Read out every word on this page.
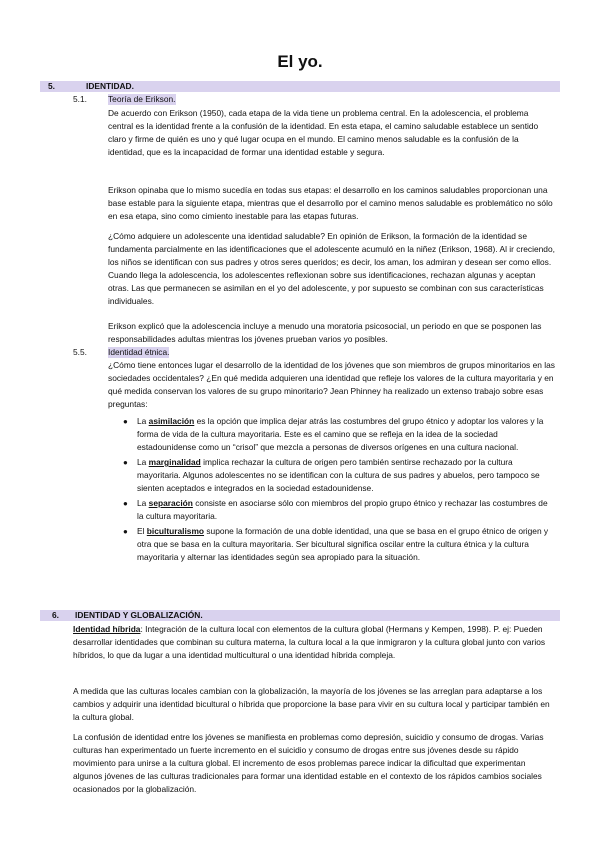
El yo.
5.	IDENTIDAD.
5.1.	Teoría de Erikson.

De acuerdo con Erikson (1950), cada etapa de la vida tiene un problema central. En la adolescencia, el problema central es la identidad frente a la confusión de la identidad. En esta etapa, el camino saludable establece un sentido claro y firme de quién es uno y qué lugar ocupa en el mundo. El camino menos saludable es la confusión de la identidad, que es la incapacidad de formar una identidad estable y segura.

Erikson opinaba que lo mismo sucedía en todas sus etapas: el desarrollo en los caminos saludables proporcionan una base estable para la siguiente etapa, mientras que el desarrollo por el camino menos saludable es problemático no sólo en esa etapa, sino como cimiento inestable para las etapas futuras.

¿Cómo adquiere un adolescente una identidad saludable? En opinión de Erikson, la formación de la identidad se fundamenta parcialmente en las identificaciones que el adolescente acumuló en la niñez (Erikson, 1968). Al ir creciendo, los niños se identifican con sus padres y otros seres queridos; es decir, los aman, los admiran y desean ser como ellos. Cuando llega la adolescencia, los adolescentes reflexionan sobre sus identificaciones, rechazan algunas y aceptan otras. Las que permanecen se asimilan en el yo del adolescente, y por supuesto se combinan con sus características individuales.

Erikson explicó que la adolescencia incluye a menudo una moratoria psicosocial, un periodo en que se posponen las responsabilidades adultas mientras los jóvenes prueban varios yo posibles.

5.5.	Identidad étnica.

¿Cómo tiene entonces lugar el desarrollo de la identidad de los jóvenes que son miembros de grupos minoritarios en las sociedades occidentales? ¿En qué medida adquieren una identidad que refleje los valores de la cultura mayoritaria y en qué medida conservan los valores de su grupo minoritario? Jean Phinney ha realizado un extenso trabajo sobre esas preguntas:

● La asimilación es la opción que implica dejar atrás las costumbres del grupo étnico y adoptar los valores y la forma de vida de la cultura mayoritaria. Este es el camino que se refleja en la idea de la sociedad estadounidense como un “crisol” que mezcla a personas de diversos orígenes en una cultura nacional.
● La marginalidad implica rechazar la cultura de origen pero también sentirse rechazado por la cultura mayoritaria. Algunos adolescentes no se identifican con la cultura de sus padres y abuelos, pero tampoco se sienten aceptados e integrados en la sociedad estadounidense.
● La separación consiste en asociarse sólo con miembros del propio grupo étnico y rechazar las costumbres de la cultura mayoritaria.
● El biculturalismo supone la formación de una doble identidad, una que se basa en el grupo étnico de origen y otra que se basa en la cultura mayoritaria. Ser bicultural significa oscilar entre la cultura étnica y la cultura mayoritaria y alternar las identidades según sea apropiado para la situación.
6. IDENTIDAD Y GLOBALIZACIÓN.

Identidad híbrida: Integración de la cultura local con elementos de la cultura global (Hermans y Kempen, 1998). P. ej: Pueden desarrollar identidades que combinan su cultura materna, la cultura local a la que inmigraron y la cultura global junto con varios híbridos, lo que da lugar a una identidad multicultural o una identidad híbrida compleja.

A medida que las culturas locales cambian con la globalización, la mayoría de los jóvenes se las arreglan para adaptarse a los cambios y adquirir una identidad bicultural o híbrida que proporcione la base para vivir en su cultura local y participar también en la cultura global.

La confusión de identidad entre los jóvenes se manifiesta en problemas como depresión, suicidio y consumo de drogas. Varias culturas han experimentado un fuerte incremento en el suicidio y consumo de drogas entre sus jóvenes desde su rápido movimiento para unirse a la cultura global. El incremento de esos problemas parece indicar la dificultad que experimentan algunos jóvenes de las culturas tradicionales para formar una identidad estable en el contexto de los rápidos cambios sociales ocasionados por la globalización.
